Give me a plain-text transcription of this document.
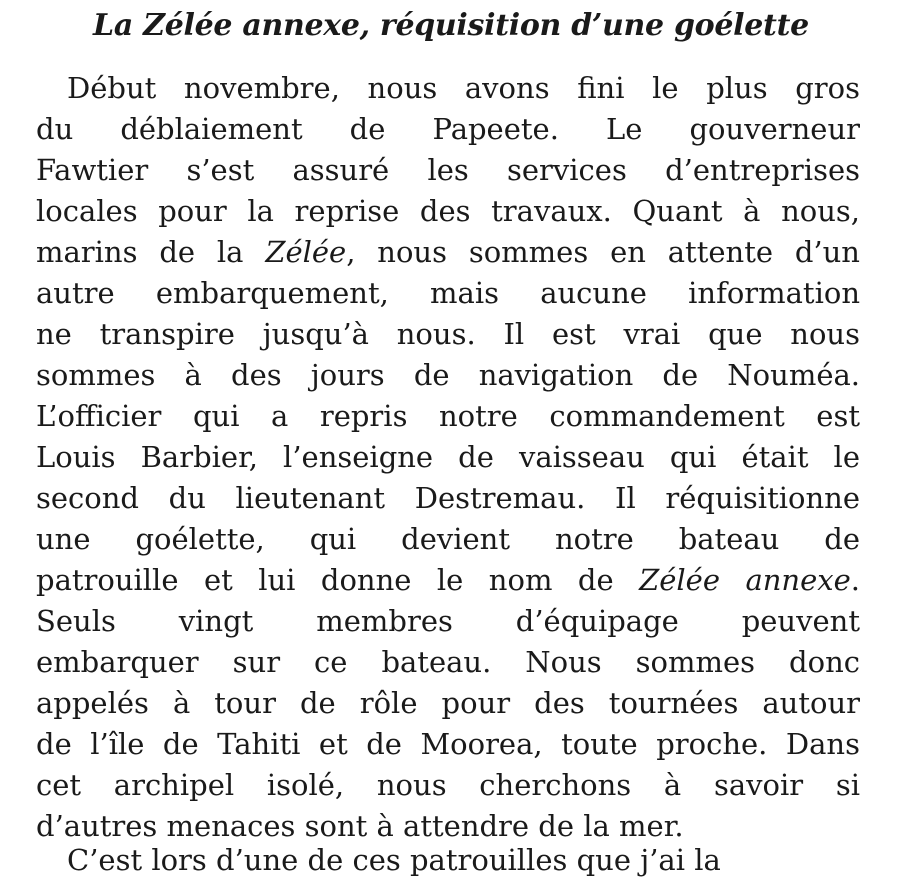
La Zélée annexe, réquisition d’une goélette
Début novembre, nous avons fini le plus gros
du déblaiement de Papeete. Le gouverneur
Fawtier s’est assuré les services d’entreprises
locales pour la reprise des travaux. Quant à nous,
marins de la Zélée, nous sommes en attente d’un
autre embarquement, mais aucune information
ne transpire jusqu’à nous. Il est vrai que nous
sommes à des jours de navigation de Nouméa.
L’officier qui a repris notre commandement est
Louis Barbier, l’enseigne de vaisseau qui était le
second du lieutenant Destremau. Il réquisitionne
une goélette, qui devient notre bateau de
patrouille et lui donne le nom de Zélée annexe.
Seuls vingt membres d’équipage peuvent
embarquer sur ce bateau. Nous sommes donc
appelés à tour de rôle pour des tournées autour
de l’île de Tahiti et de Moorea, toute proche. Dans
cet archipel isolé, nous cherchons à savoir si
d’autres menaces sont à attendre de la mer.
C’est lors d’une de ces patrouilles que j’ai la
